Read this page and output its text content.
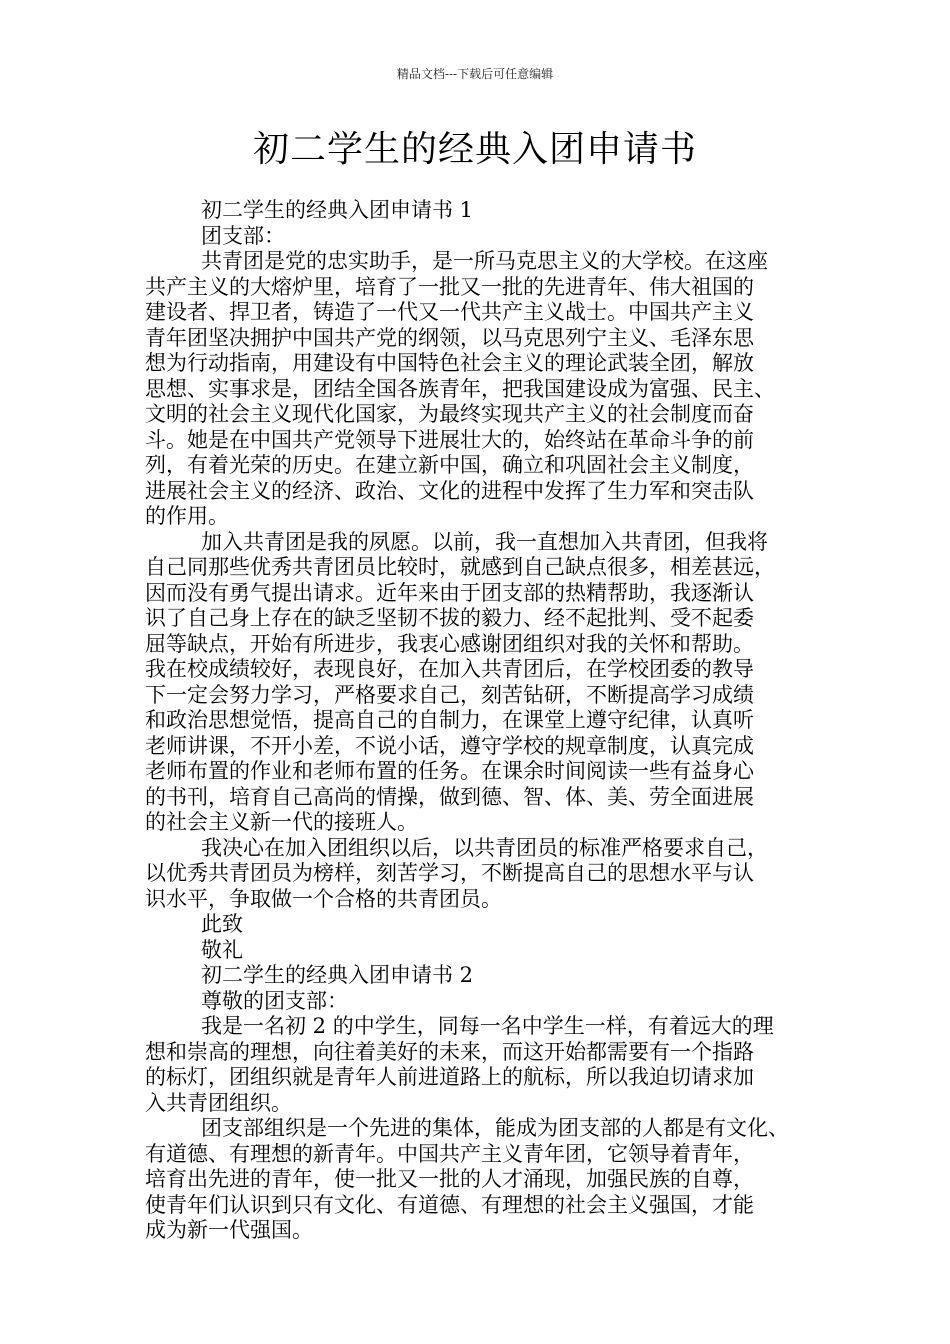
精品文档---下载后可任意编辑
初二学生的经典入团申请书
初二学生的经典入团申请书 1
团支部：
共青团是党的忠实助手，是一所马克思主义的大学校。在这座
共产主义的大熔炉里，培育了一批又一批的先进青年、伟大祖国的
建设者、捍卫者，铸造了一代又一代共产主义战士。中国共产主义
青年团坚决拥护中国共产党的纲领，以马克思列宁主义、毛泽东思
想为行动指南，用建设有中国特色社会主义的理论武装全团，解放
思想、实事求是，团结全国各族青年，把我国建设成为富强、民主、
文明的社会主义现代化国家，为最终实现共产主义的社会制度而奋
斗。她是在中国共产党领导下进展壮大的，始终站在革命斗争的前
列，有着光荣的历史。在建立新中国，确立和巩固社会主义制度，
进展社会主义的经济、政治、文化的进程中发挥了生力军和突击队
的作用。
加入共青团是我的夙愿。以前，我一直想加入共青团，但我将
自己同那些优秀共青团员比较时，就感到自己缺点很多，相差甚远，
因而没有勇气提出请求。近年来由于团支部的热精帮助，我逐渐认
识了自己身上存在的缺乏坚韧不拔的毅力、经不起批判、受不起委
屈等缺点，开始有所进步，我衷心感谢团组织对我的关怀和帮助。
我在校成绩较好，表现良好，在加入共青团后，在学校团委的教导
下一定会努力学习，严格要求自己，刻苦钻研，不断提高学习成绩
和政治思想觉悟，提高自己的自制力，在课堂上遵守纪律，认真听
老师讲课，不开小差，不说小话，遵守学校的规章制度，认真完成
老师布置的作业和老师布置的任务。在课余时间阅读一些有益身心
的书刊，培育自己高尚的情操，做到德、智、体、美、劳全面进展
的社会主义新一代的接班人。
我决心在加入团组织以后，以共青团员的标准严格要求自己，
以优秀共青团员为榜样，刻苦学习，不断提高自己的思想水平与认
识水平，争取做一个合格的共青团员。
此致
敬礼
初二学生的经典入团申请书 2
尊敬的团支部：
我是一名初 2 的中学生，同每一名中学生一样，有着远大的理
想和崇高的理想，向往着美好的未来，而这开始都需要有一个指路
的标灯，团组织就是青年人前进道路上的航标，所以我迫切请求加
入共青团组织。
团支部组织是一个先进的集体，能成为团支部的人都是有文化、
有道德、有理想的新青年。中国共产主义青年团，它领导着青年，
培育出先进的青年，使一批又一批的人才涌现，加强民族的自尊，
使青年们认识到只有文化、有道德、有理想的社会主义强国，才能
成为新一代强国。
